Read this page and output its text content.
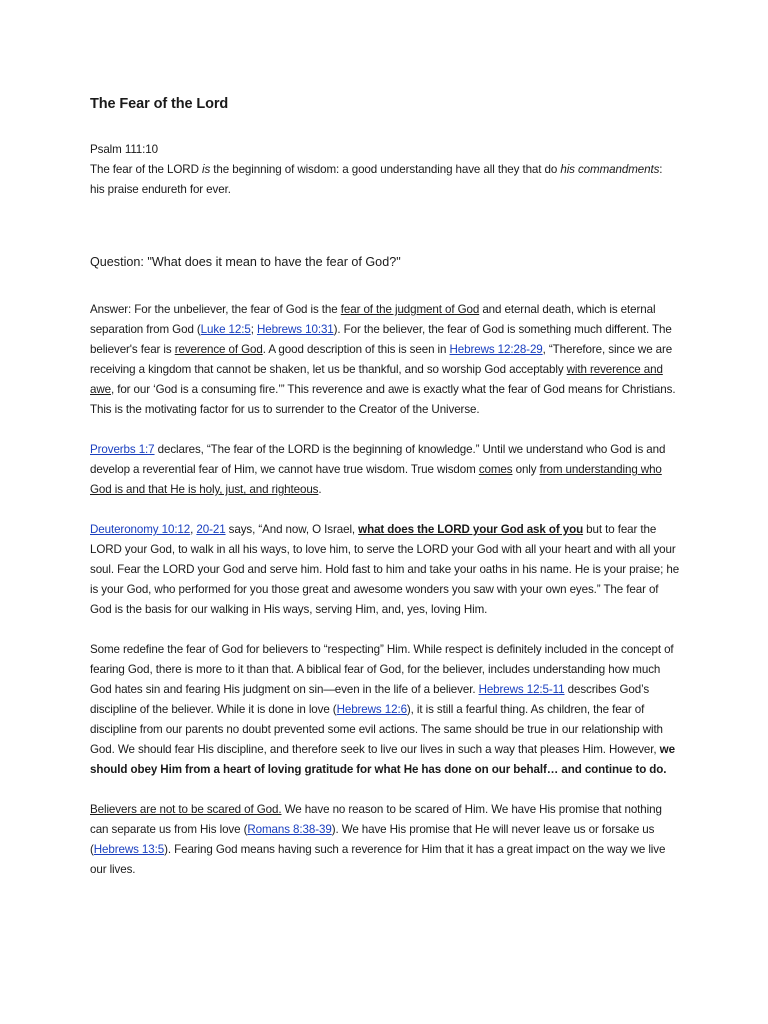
The Fear of the Lord
Psalm 111:10
The fear of the LORD is the beginning of wisdom: a good understanding have all they that do his commandments: his praise endureth for ever.
Question: "What does it mean to have the fear of God?"
Answer: For the unbeliever, the fear of God is the fear of the judgment of God and eternal death, which is eternal separation from God (Luke 12:5; Hebrews 10:31). For the believer, the fear of God is something much different. The believer's fear is reverence of God. A good description of this is seen in Hebrews 12:28-29, “Therefore, since we are receiving a kingdom that cannot be shaken, let us be thankful, and so worship God acceptably with reverence and awe, for our ‘God is a consuming fire.’” This reverence and awe is exactly what the fear of God means for Christians. This is the motivating factor for us to surrender to the Creator of the Universe.
Proverbs 1:7 declares, “The fear of the LORD is the beginning of knowledge.” Until we understand who God is and develop a reverential fear of Him, we cannot have true wisdom. True wisdom comes only from understanding who God is and that He is holy, just, and righteous.
Deuteronomy 10:12, 20-21 says, “And now, O Israel, what does the LORD your God ask of you but to fear the LORD your God, to walk in all his ways, to love him, to serve the LORD your God with all your heart and with all your soul. Fear the LORD your God and serve him. Hold fast to him and take your oaths in his name. He is your praise; he is your God, who performed for you those great and awesome wonders you saw with your own eyes.” The fear of God is the basis for our walking in His ways, serving Him, and, yes, loving Him.
Some redefine the fear of God for believers to “respecting” Him. While respect is definitely included in the concept of fearing God, there is more to it than that. A biblical fear of God, for the believer, includes understanding how much God hates sin and fearing His judgment on sin—even in the life of a believer. Hebrews 12:5-11 describes God’s discipline of the believer. While it is done in love (Hebrews 12:6), it is still a fearful thing. As children, the fear of discipline from our parents no doubt prevented some evil actions. The same should be true in our relationship with God. We should fear His discipline, and therefore seek to live our lives in such a way that pleases Him. However, we should obey Him from a heart of loving gratitude for what He has done on our behalf… and continue to do.
Believers are not to be scared of God. We have no reason to be scared of Him. We have His promise that nothing can separate us from His love (Romans 8:38-39). We have His promise that He will never leave us or forsake us (Hebrews 13:5). Fearing God means having such a reverence for Him that it has a great impact on the way we live our lives.
